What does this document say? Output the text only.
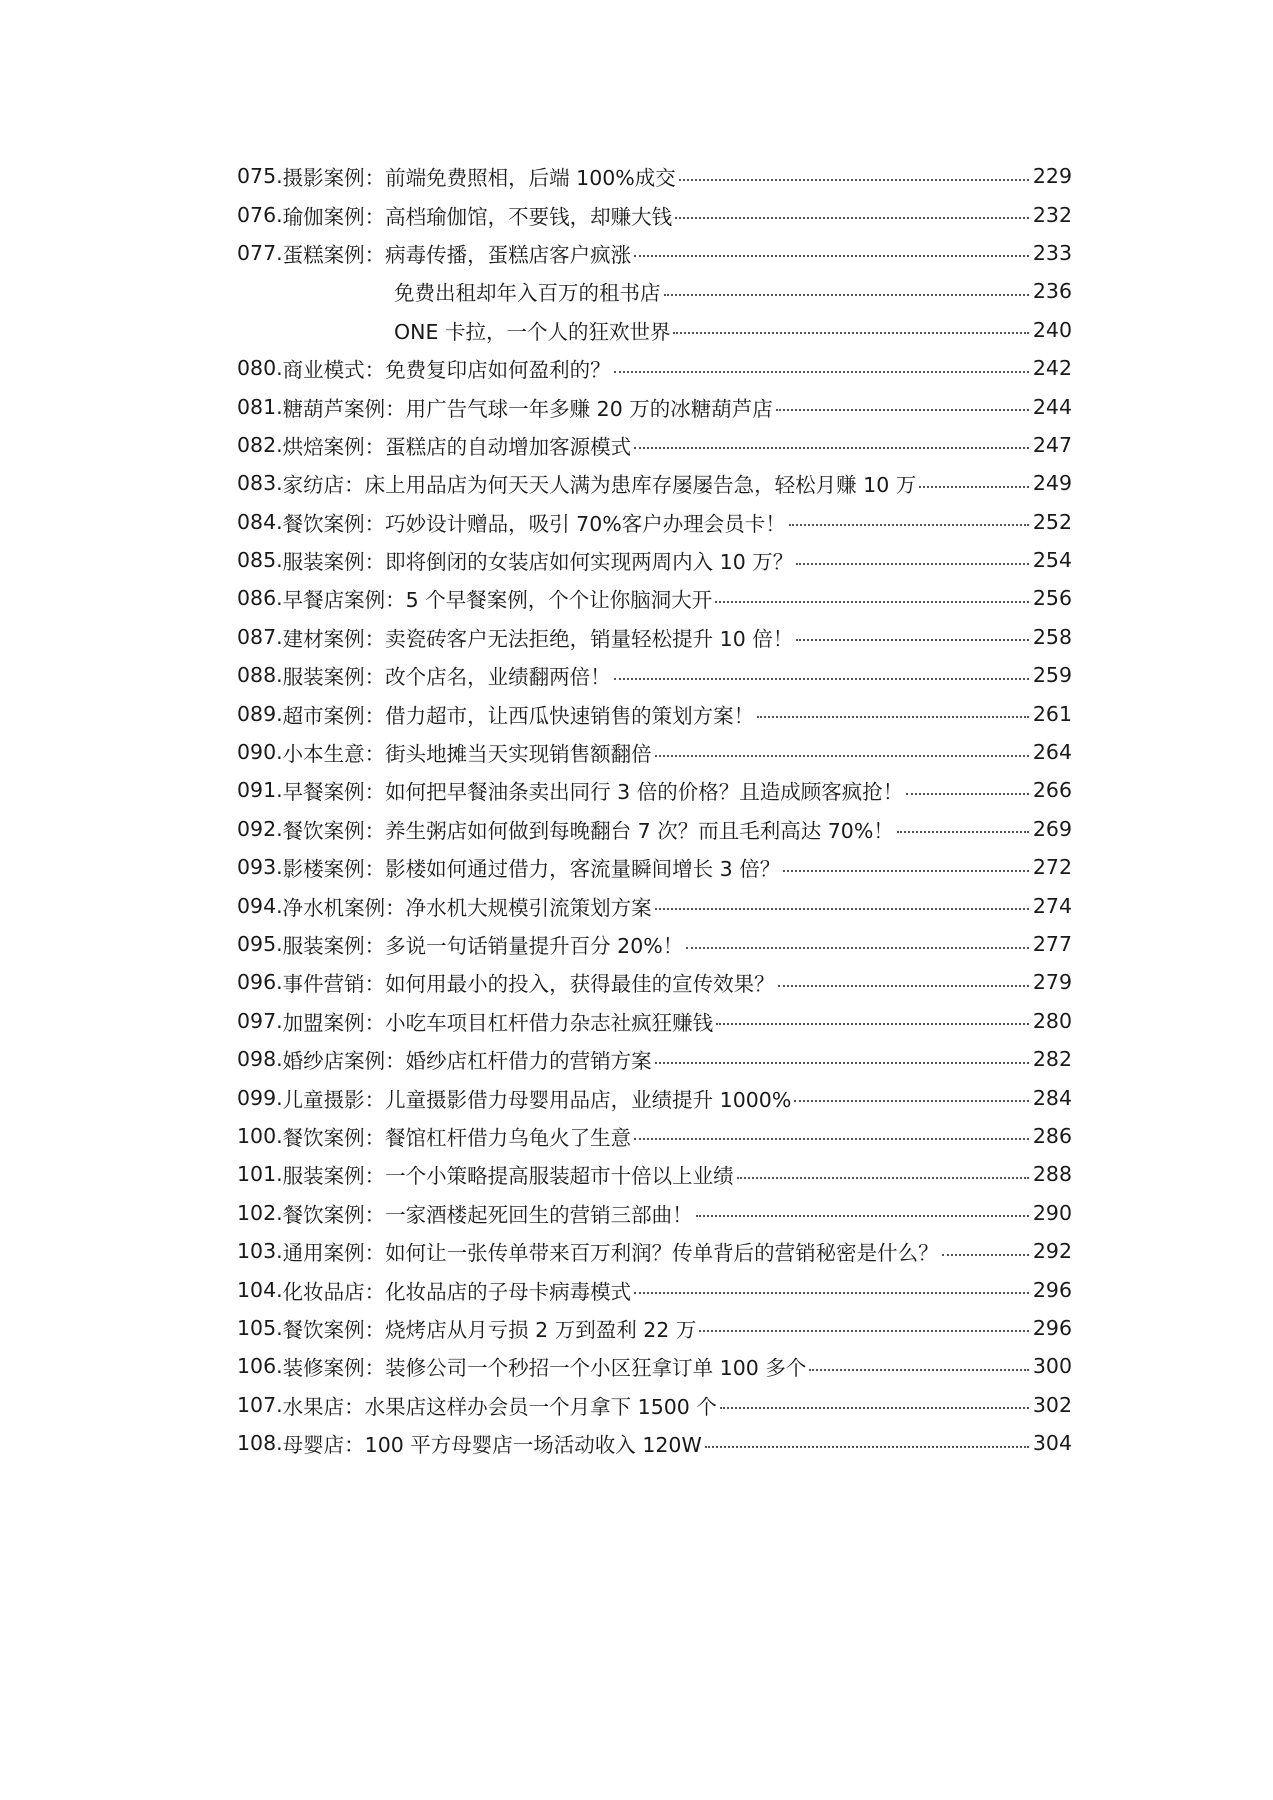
075. 摄影案例： 前端免费照相，后端 100%成交	229
076. 瑜伽案例： 高档瑜伽馆，不要钱，却赚大钱	232
077. 蛋糕案例： 病毒传播，蛋糕店客户疯涨	233
免费出租却年入百万的租书店	236
ONE 卡拉，一个人的狂欢世界	240
080. 商业模式： 免费复印店如何盈利的？	242
081. 糖葫芦案例： 用广告气球一年多赚 20 万的冰糖葫芦店	244
082. 烘焙案例： 蛋糕店的自动增加客源模式	247
083. 家纺店： 床上用品店为何天天人满为患库存屡屡告急，轻松月赚 10 万	249
084. 餐饮案例： 巧妙设计赠品，吸引 70%客户办理会员卡！	252
085. 服装案例： 即将倒闭的女装店如何实现两周内入 10 万？	254
086. 早餐店案例： 5 个早餐案例，个个让你脑洞大开	256
087. 建材案例： 卖瓷砖客户无法拒绝，销量轻松提升 10 倍！	258
088. 服装案例： 改个店名，业绩翻两倍！	259
089. 超市案例： 借力超市，让西瓜快速销售的策划方案！	261
090. 小本生意： 街头地摊当天实现销售额翻倍	264
091. 早餐案例： 如何把早餐油条卖出同行 3 倍的价格？且造成顾客疯抢！	266
092. 餐饮案例： 养生粥店如何做到每晚翻台 7 次？而且毛利高达 70%！	269
093. 影楼案例： 影楼如何通过借力，客流量瞬间增长 3 倍？	272
094. 净水机案例： 净水机大规模引流策划方案	274
095. 服装案例： 多说一句话销量提升百分 20%！	277
096. 事件营销： 如何用最小的投入，获得最佳的宣传效果？	279
097. 加盟案例： 小吃车项目杠杆借力杂志社疯狂赚钱	280
098. 婚纱店案例： 婚纱店杠杆借力的营销方案	282
099. 儿童摄影： 儿童摄影借力母婴用品店，业绩提升 1000%	284
100. 餐饮案例： 餐馆杠杆借力乌龟火了生意	286
101. 服装案例： 一个小策略提高服装超市十倍以上业绩	288
102. 餐饮案例： 一家酒楼起死回生的营销三部曲！	290
103. 通用案例： 如何让一张传单带来百万利润？传单背后的营销秘密是什么？	292
104. 化妆品店： 化妆品店的子母卡病毒模式	296
105. 餐饮案例： 烧烤店从月亏损 2 万到盈利 22 万	296
106. 装修案例： 装修公司一个秒招一个小区狂拿订单 100 多个	300
107. 水果店： 水果店这样办会员一个月拿下 1500 个	302
108. 母婴店： 100 平方母婴店一场活动收入 120W	304
